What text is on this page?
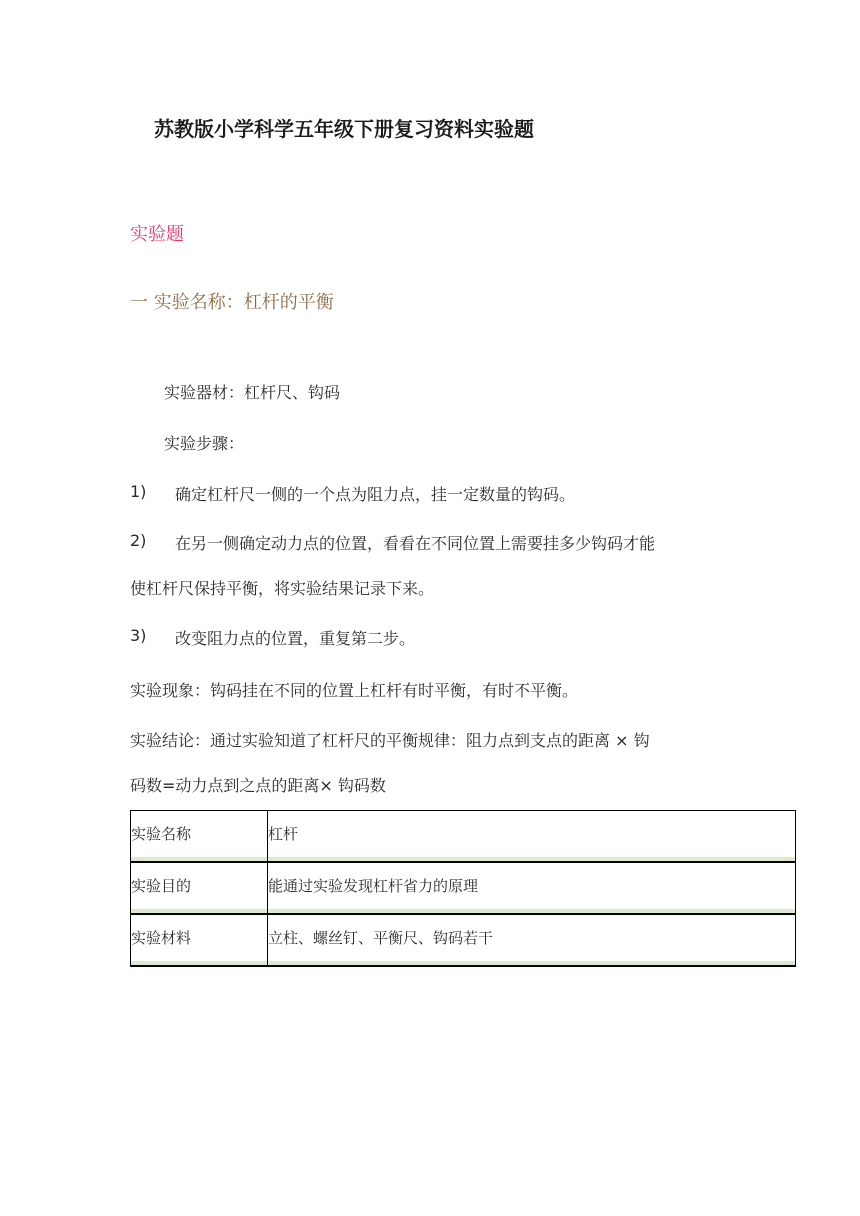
苏教版小学科学五年级下册复习资料实验题
实验题
一 实验名称：杠杆的平衡
实验器材：杠杆尺、钩码
实验步骤：
1) 确定杠杆尺一侧的一个点为阻力点，挂一定数量的钩码。
2) 在另一侧确定动力点的位置，看看在不同位置上需要挂多少钩码才能
使杠杆尺保持平衡，将实验结果记录下来。
3) 改变阻力点的位置，重复第二步。
实验现象：钩码挂在不同的位置上杠杆有时平衡，有时不平衡。
实验结论：通过实验知道了杠杆尺的平衡规律：阻力点到支点的距离 × 钩
码数=动力点到之点的距离× 钩码数
实验名称	杠杆

实验目的	能通过实验发现杠杆省力的原理

实验材料	立柱、螺丝钉、平衡尺、钩码若干
